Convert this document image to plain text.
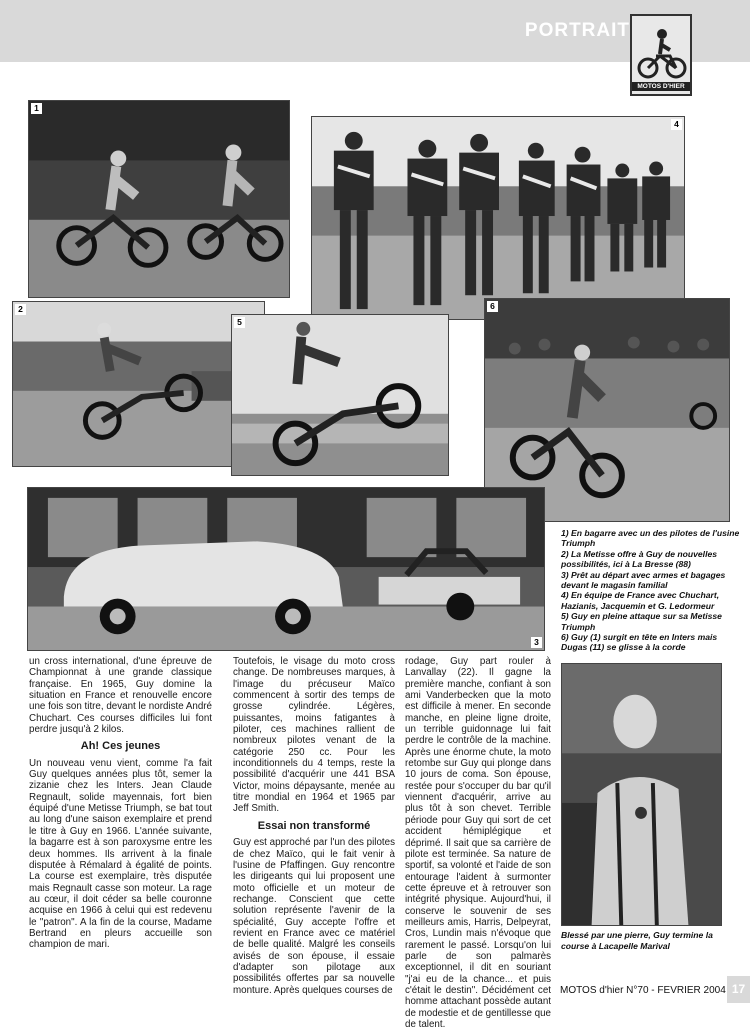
PORTRAIT
MOTOS D'HIER
1
4
2
5
6
3
1) En bagarre avec un des pilotes de l'usine Triumph
2) La Metisse offre à Guy de nouvelles possibilités, ici à La Bresse (88)
3) Prêt au départ avec armes et bagages devant le magasin familial
4) En équipe de France avec Chuchart, Hazianis, Jacquemin et G. Ledormeur
5) Guy en pleine attaque sur sa Metisse Triumph
6) Guy (1) surgit en tête en Inters mais Dugas (11) se glisse à la corde

un cross international, d'une épreuve de Championnat à une grande classique française. En 1965, Guy domine la situation en France et renouvelle encore une fois son titre, devant le nordiste André Chuchart. Ces courses difficiles lui font perdre jusqu'à 2 kilos.

Ah! Ces jeunes

Un nouveau venu vient, comme l'a fait Guy quelques années plus tôt, semer la zizanie chez les Inters. Jean Claude Regnault, solide mayennais, fort bien équipé d'une Metisse Triumph, se bat tout au long d'une saison exemplaire et prend le titre à Guy en 1966. L'année suivante, la bagarre est à son paroxysme entre les deux hommes. Ils arrivent à la finale disputée à Rémalard à égalité de points. La course est exemplaire, très disputée mais Regnault casse son moteur. La rage au cœur, il doit céder sa belle couronne acquise en 1966 à celui qui est redevenu le "patron". A la fin de la course, Madame Bertrand en pleurs accueille son champion de mari.

Toutefois, le visage du moto cross change. De nombreuses marques, à l'image du précuseur Maïco commencent à sortir des temps de grosse cylindrée. Légères, puissantes, moins fatigantes à piloter, ces machines rallient de nombreux pilotes venant de la catégorie 250 cc. Pour les inconditionnels du 4 temps, reste la possibilité d'acquérir une 441 BSA Victor, moins dépaysante, menée au titre mondial en 1964 et 1965 par Jeff Smith.

Essai non transformé

Guy est approché par l'un des pilotes de chez Maïco, qui le fait venir à l'usine de Pfaffingen. Guy rencontre les dirigeants qui lui proposent une moto officielle et un moteur de rechange. Conscient que cette solution représente l'avenir de la spécialité, Guy accepte l'offre et revient en France avec ce matériel de belle qualité. Malgré les conseils avisés de son épouse, il essaie d'adapter son pilotage aux possibilités offertes par sa nouvelle monture. Après quelques courses de

rodage, Guy part rouler à Lanvallay (22). Il gagne la première manche, confiant à son ami Vanderbecken que la moto est difficile à mener. En seconde manche, en pleine ligne droite, un terrible guidonnage lui fait perdre le contrôle de la machine. Après une énorme chute, la moto retombe sur Guy qui plonge dans 10 jours de coma. Son épouse, restée pour s'occuper du bar qu'il viennent d'acquérir, arrive au plus tôt à son chevet. Terrible période pour Guy qui sort de cet accident hémiplégique et déprimé. Il sait que sa carrière de pilote est terminée. Sa nature de sportif, sa volonté et l'aide de son entourage l'aident à surmonter cette épreuve et à retrouver son intégrité physique. Aujourd'hui, il conserve le souvenir de ses meilleurs amis, Harris, Delpeyrat, Cros, Lundin mais n'évoque que rarement le passé. Lorsqu'on lui parle de son palmarès exceptionnel, il dit en souriant "j'ai eu de la chance... et puis c'était le destin". Décidément cet homme attachant possède autant de modestie et de gentillesse que de talent.

Blessé par une pierre, Guy termine la course à Lacapelle Marival
MOTOS d'hier N°70 - FEVRIER 2004 17
